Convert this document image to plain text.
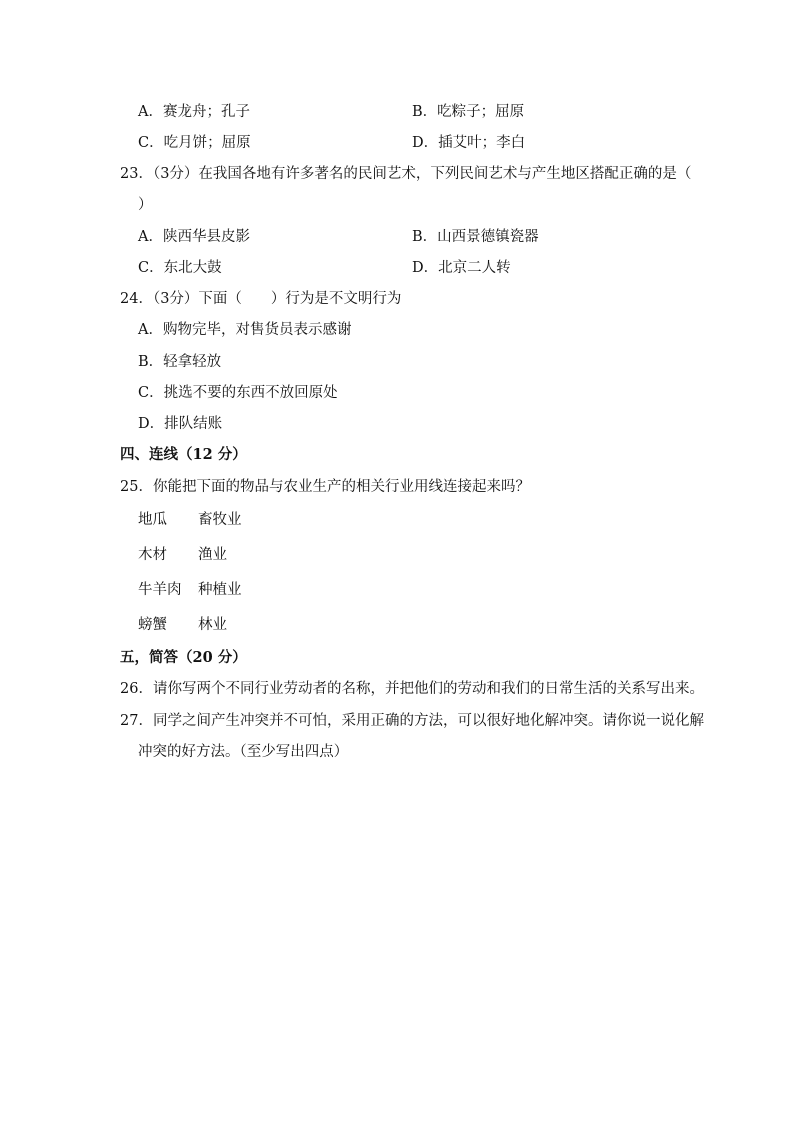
A．赛龙舟；孔子	B．吃粽子；屈原
C．吃月饼；屈原	D．插艾叶；李白
23．（3分）在我国各地有许多著名的民间艺术，下列民间艺术与产生地区搭配正确的是（
）
A．陕西华县皮影	B．山西景德镇瓷器
C．东北大鼓	D．北京二人转
24．（3分）下面（　　）行为是不文明行为
A．购物完毕，对售货员表示感谢
B．轻拿轻放
C．挑选不要的东西不放回原处
D．排队结账
四、连线（12 分）
25．你能把下面的物品与农业生产的相关行业用线连接起来吗？
地瓜 畜牧业
木材 渔业
牛羊肉 种植业
螃蟹 林业
五，简答（20 分）
26．请你写两个不同行业劳动者的名称，并把他们的劳动和我们的日常生活的关系写出来。
27．同学之间产生冲突并不可怕，采用正确的方法，可以很好地化解冲突。请你说一说化解
冲突的好方法。（至少写出四点）
